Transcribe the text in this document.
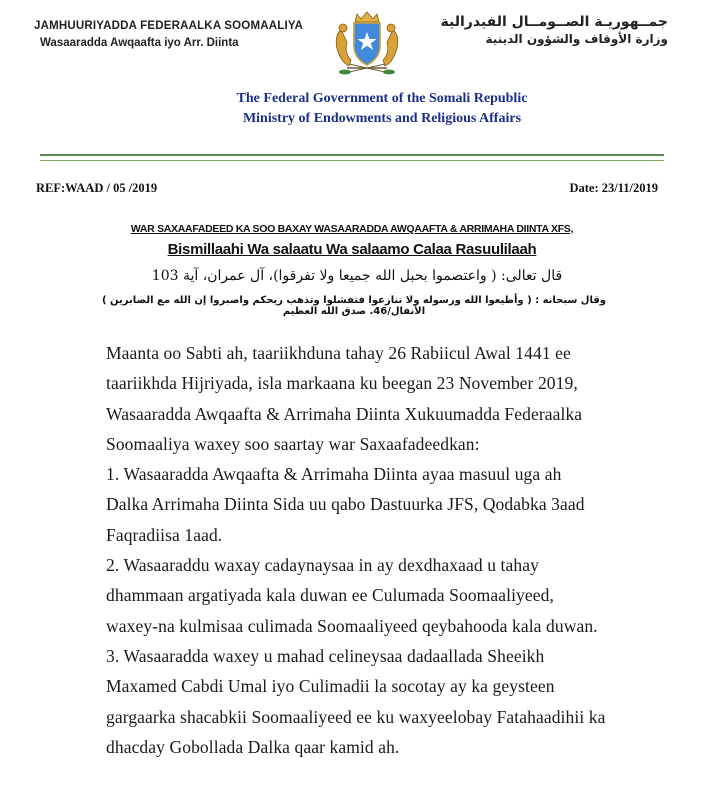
JAMHUURIYADDA FEDERAALKA SOOMAALIYA
Wasaaradda Awqaafta iyo Arr. Diinta
جمــهوريـة الصــومــال الفيدرالية
وزارة الأوقاف والشؤون الدينية
The Federal Government of the Somali Republic
Ministry of Endowments and Religious Affairs
REF:WAAD / 05 /2019	Date: 23/11/2019
WAR SAXAAFADEED KA SOO BAXAY WASAARADDA AWQAAFTA & ARRIMAHA DIINTA XFS,
Bismillaahi Wa salaatu Wa salaamo Calaa Rasuulilaah
قال تعالى: ( واعتصموا بحبل الله جميعا ولا تفرقوا)، آل عمران، آية 103
وقال سبحانه : ( وأطيعوا الله ورسوله ولا تنازعوا فتفشلوا وتذهب ريحكم واصبروا إن الله مع الصابرين ) الأنفال/46. صدق الله العظيم
Maanta oo Sabti ah, taariikhduna tahay 26 Rabiicul Awal 1441 ee
taariikhda Hijriyada, isla markaana ku beegan 23 November 2019,
Wasaaradda Awqaafta & Arrimaha Diinta Xukuumadda Federaalka
Soomaaliya waxey soo saartay war Saxaafadeedkan:
1. Wasaaradda Awqaafta & Arrimaha Diinta ayaa masuul uga ah
Dalka Arrimaha Diinta Sida uu qabo Dastuurka JFS, Qodabka 3aad
Faqradiisa 1aad.
2. Wasaaraddu waxay cadaynaysaa in ay dexdhaxaad u tahay
dhammaan argatiyada kala duwan ee Culumada Soomaaliyeed,
waxey-na kulmisaa culimada Soomaaliyeed qeybahooda kala duwan.
3. Wasaaradda waxey u mahad celineysaa dadaallada Sheeikh
Maxamed Cabdi Umal iyo Culimadii la socotay ay ka geysteen
gargaarka shacabkii Soomaaliyeed ee ku waxyeelobay Fatahaadihii ka
dhacday Gobollada Dalka qaar kamid ah.
